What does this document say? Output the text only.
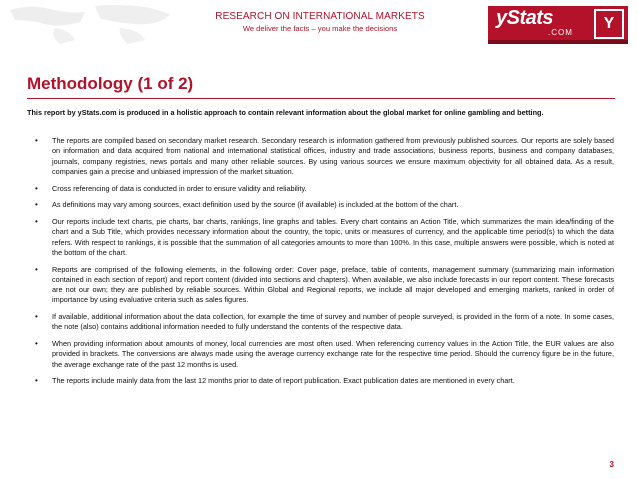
RESEARCH ON INTERNATIONAL MARKETS
We deliver the facts – you make the decisions	yStats
.COM
Y
Methodology (1 of 2)

This report by yStats.com is produced in a holistic approach to contain relevant information about the global market for online gambling and betting.

• The reports are compiled based on secondary market research. Secondary research is information gathered from previously published sources. Our reports are solely based on information and data acquired from national and international statistical offices, industry and trade associations, business reports, business and company databases, journals, company registries, news portals and many other reliable sources. By using various sources we ensure maximum objectivity for all obtained data. As a result, companies gain a precise and unbiased impression of the market situation.
• Cross referencing of data is conducted in order to ensure validity and reliability.
• As definitions may vary among sources, exact definition used by the source (if available) is included at the bottom of the chart.
• Our reports include text charts, pie charts, bar charts, rankings, line graphs and tables. Every chart contains an Action Title, which summarizes the main idea/finding of the chart and a Sub Title, which provides necessary information about the country, the topic, units or measures of currency, and the applicable time period(s) to which the data refers. With respect to rankings, it is possible that the summation of all categories amounts to more than 100%. In this case, multiple answers were possible, which is noted at the bottom of the chart.
• Reports are comprised of the following elements, in the following order: Cover page, preface, table of contents, management summary (summarizing main information contained in each section of report) and report content (divided into sections and chapters). When available, we also include forecasts in our report content. These forecasts are not our own; they are published by reliable sources. Within Global and Regional reports, we include all major developed and emerging markets, ranked in order of importance by using evaluative criteria such as sales figures.
• If available, additional information about the data collection, for example the time of survey and number of people surveyed, is provided in the form of a note. In some cases, the note (also) contains additional information needed to fully understand the contents of the respective data.
• When providing information about amounts of money, local currencies are most often used. When referencing currency values in the Action Title, the EUR values are also provided in brackets. The conversions are always made using the average currency exchange rate for the respective time period. Should the currency figure be in the future, the average exchange rate of the past 12 months is used.
• The reports include mainly data from the last 12 months prior to date of report publication. Exact publication dates are mentioned in every chart.
3
